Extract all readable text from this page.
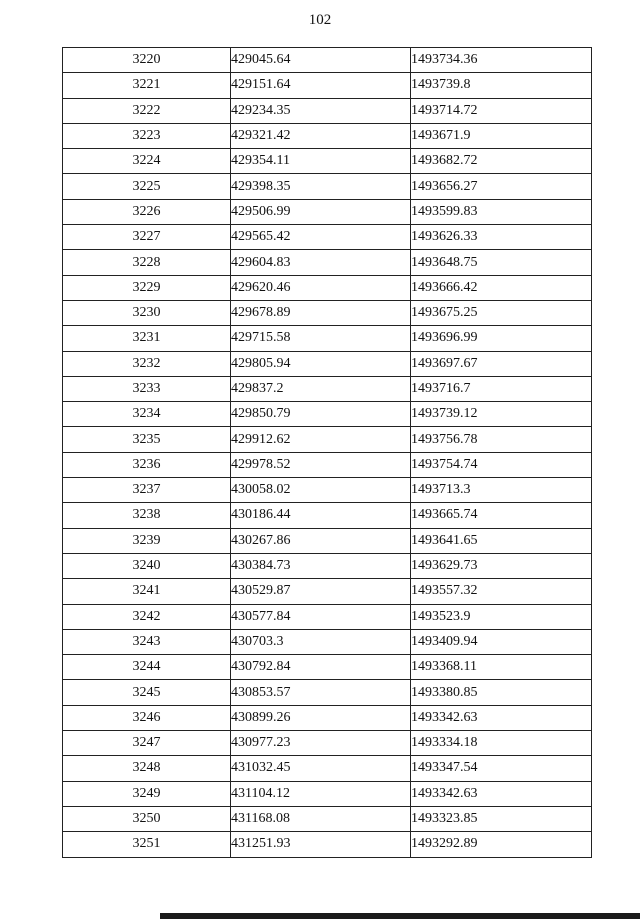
102
3220	429045.64	1493734.36
3221	429151.64	1493739.8
3222	429234.35	1493714.72
3223	429321.42	1493671.9
3224	429354.11	1493682.72
3225	429398.35	1493656.27
3226	429506.99	1493599.83
3227	429565.42	1493626.33
3228	429604.83	1493648.75
3229	429620.46	1493666.42
3230	429678.89	1493675.25
3231	429715.58	1493696.99
3232	429805.94	1493697.67
3233	429837.2	1493716.7
3234	429850.79	1493739.12
3235	429912.62	1493756.78
3236	429978.52	1493754.74
3237	430058.02	1493713.3
3238	430186.44	1493665.74
3239	430267.86	1493641.65
3240	430384.73	1493629.73
3241	430529.87	1493557.32
3242	430577.84	1493523.9
3243	430703.3	1493409.94
3244	430792.84	1493368.11
3245	430853.57	1493380.85
3246	430899.26	1493342.63
3247	430977.23	1493334.18
3248	431032.45	1493347.54
3249	431104.12	1493342.63
3250	431168.08	1493323.85
3251	431251.93	1493292.89
